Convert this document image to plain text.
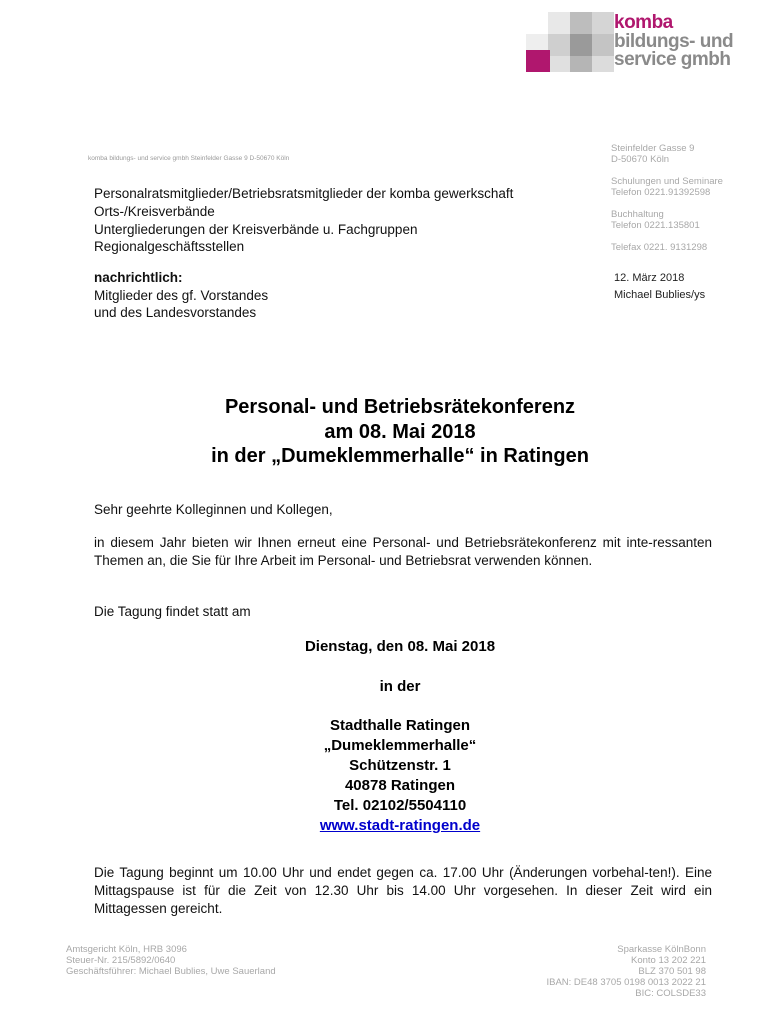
komba
bildungs- und
service gmbh
komba bildungs- und service gmbh Steinfelder Gasse 9 D-50670 Köln
Steinfelder Gasse 9
D-50670 Köln
Schulungen und Seminare
Telefon 0221.91392598
Buchhaltung
Telefon 0221.135801
Telefax 0221. 9131298
12. März 2018
Michael Bublies/ys
Personalratsmitglieder/Betriebsratsmitglieder der komba gewerkschaft
Orts-/Kreisverbände
Untergliederungen der Kreisverbände u. Fachgruppen
Regionalgeschäftsstellen
nachrichtlich:
Mitglieder des gf. Vorstandes
und des Landesvorstandes
Personal- und Betriebsrätekonferenz
am 08. Mai 2018
in der „Dumeklemmerhalle“ in Ratingen
Sehr geehrte Kolleginnen und Kollegen,
in diesem Jahr bieten wir Ihnen erneut eine Personal- und Betriebsrätekonferenz mit inte-ressanten Themen an, die Sie für Ihre Arbeit im Personal- und Betriebsrat verwenden können.
Die Tagung findet statt am
Dienstag, den 08. Mai 2018
in der
Stadthalle Ratingen
„Dumeklemmerhalle“
Schützenstr. 1
40878 Ratingen
Tel. 02102/5504110
www.stadt-ratingen.de
Die Tagung beginnt um 10.00 Uhr und endet gegen ca. 17.00 Uhr (Änderungen vorbehal-ten!). Eine Mittagspause ist für die Zeit von 12.30 Uhr bis 14.00 Uhr vorgesehen. In dieser Zeit wird ein Mittagessen gereicht.
Amtsgericht Köln, HRB 3096
Steuer-Nr. 215/5892/0640
Geschäftsführer: Michael Bublies, Uwe Sauerland
Sparkasse KölnBonn
Konto 13 202 221
BLZ 370 501 98
IBAN: DE48 3705 0198 0013 2022 21
BIC: COLSDE33
